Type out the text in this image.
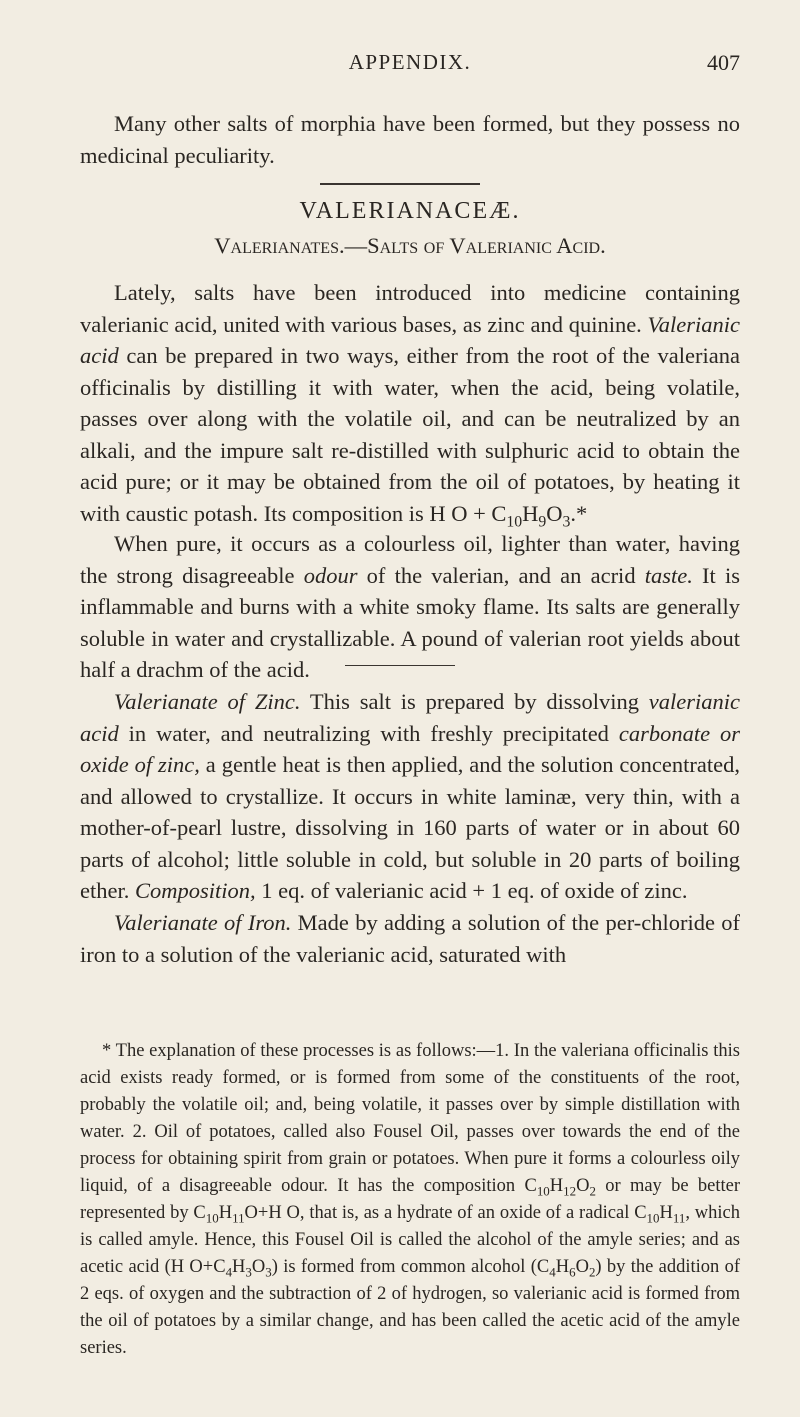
APPENDIX.	407

Many other salts of morphia have been formed, but they possess no medicinal peculiarity.

VALERIANACEÆ.
Valerianates.—Salts of Valerianic Acid.

Lately, salts have been introduced into medicine containing valerianic acid, united with various bases, as zinc and quinine. Valerianic acid can be prepared in two ways, either from the root of the valeriana officinalis by distilling it with water, when the acid, being volatile, passes over along with the volatile oil, and can be neutralized by an alkali, and the impure salt re-distilled with sulphuric acid to obtain the acid pure; or it may be obtained from the oil of potatoes, by heating it with caustic potash. Its composition is H $O + C_{10}H_9O_3.*$

When pure, it occurs as a colourless oil, lighter than water, having the strong disagreeable odour of the valerian, and an acrid taste. It is inflammable and burns with a white smoky flame. Its salts are generally soluble in water and crystallizable. A pound of valerian root yields about half a drachm of the acid.

Valerianate of Zinc. This salt is prepared by dissolving valerianic acid in water, and neutralizing with freshly precipitated carbonate or oxide of zinc, a gentle heat is then applied, and the solution concentrated, and allowed to crystallize. It occurs in white laminæ, very thin, with a mother-of-pearl lustre, dissolving in 160 parts of water or in about 60 parts of alcohol; little soluble in cold, but soluble in 20 parts of boiling ether. Composition, 1 eq. of valerianic acid + 1 eq. of oxide of zinc.

Valerianate of Iron. Made by adding a solution of the per-chloride of iron to a solution of the valerianic acid, saturated with

* The explanation of these processes is as follows:—1. In the valeriana officinalis this acid exists ready formed, or is formed from some of the constituents of the root, probably the volatile oil; and, being volatile, it passes over by simple distillation with water. 2. Oil of potatoes, called also Fousel Oil, passes over towards the end of the process for obtaining spirit from grain or potatoes. When pure it forms a colourless oily liquid, of a disagreeable odour. It has the composition $C_{10}H_{12}O_2$ or may be better represented by $C_{10}H_{11}O+H$ O, that is, as a hydrate of an oxide of a radical $C_{10}H_{11}$, which is called amyle. Hence, this Fousel Oil is called the alcohol of the amyle series; and as acetic acid (H $O+C_4H_3O_3$) is formed from common alcohol $(C_4H_6O_2)$ by the addition of 2 eqs. of oxygen and the subtraction of 2 of hydrogen, so valerianic acid is formed from the oil of potatoes by a similar change, and has been called the acetic acid of the amyle series.
